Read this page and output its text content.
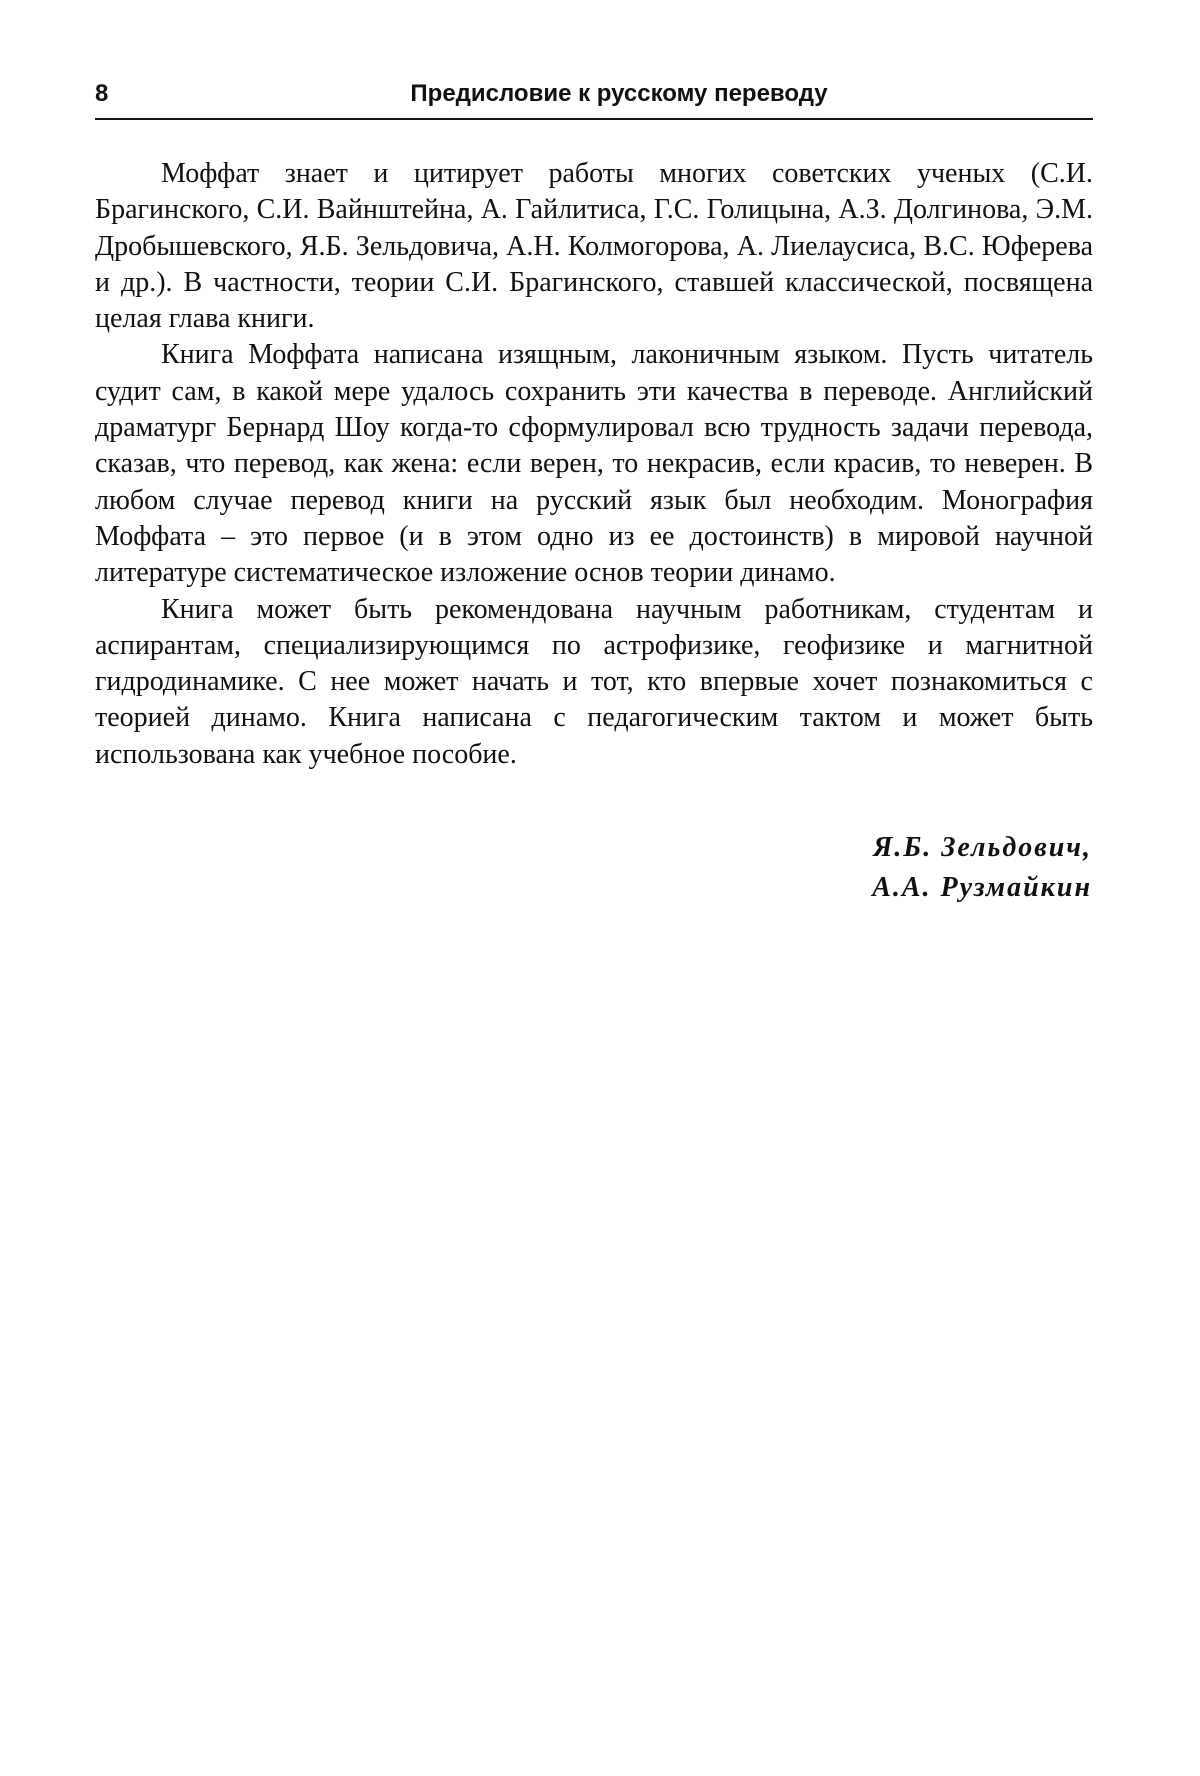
8	Предисловие к русскому переводу

Моффат знает и цитирует работы многих советских ученых (С.И. Брагинского, С.И. Вайнштейна, А. Гайлитиса, Г.С. Голицына, А.З. Долгинова, Э.М. Дробышевского, Я.Б. Зельдовича, А.Н. Колмогорова, А. Лиелаусиса, В.С. Юферева и др.). В частности, теории С.И. Брагинского, ставшей классической, посвящена целая глава книги.

Книга Моффата написана изящным, лаконичным языком. Пусть читатель судит сам, в какой мере удалось сохранить эти качества в переводе. Английский драматург Бернард Шоу когда-то сформулировал всю трудность задачи перевода, сказав, что перевод, как жена: если верен, то некрасив, если красив, то неверен. В любом случае перевод книги на русский язык был необходим. Монография Моффата – это первое (и в этом одно из ее достоинств) в мировой научной литературе систематическое изложение основ теории динамо.

Книга может быть рекомендована научным работникам, студентам и аспирантам, специализирующимся по астрофизике, геофизике и магнитной гидродинамике. С нее может начать и тот, кто впервые хочет познакомиться с теорией динамо. Книга написана с педагогическим тактом и может быть использована как учебное пособие.

Я.Б. Зельдович,
А.А. Рузмайкин
